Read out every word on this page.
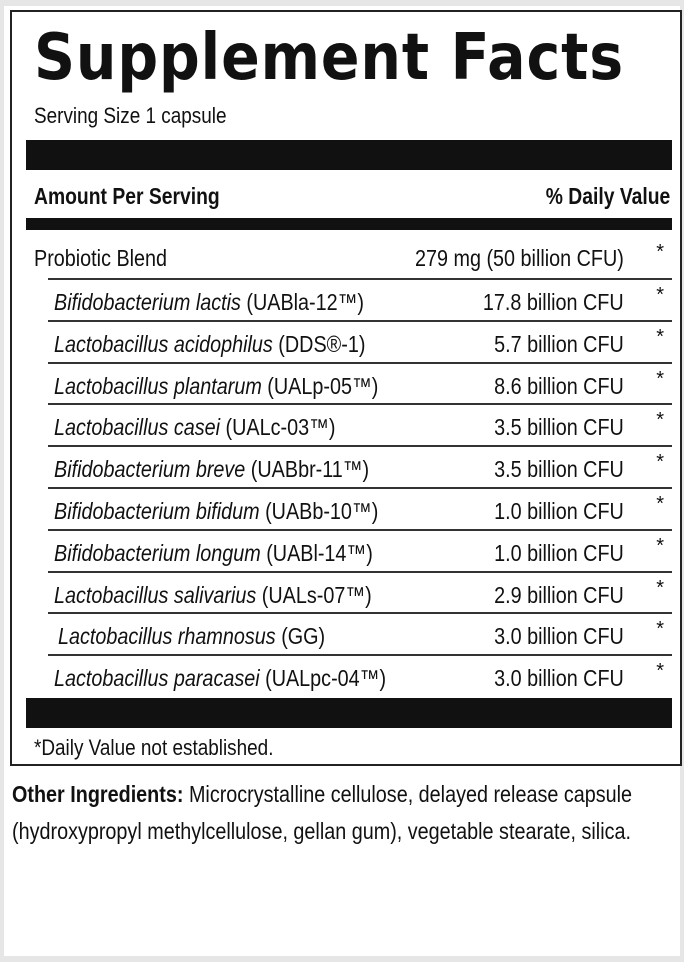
Supplement Facts
Serving Size 1 capsule
Amount Per Serving	% Daily Value
Probiotic Blend	279 mg (50 billion CFU) *
Bifidobacterium lactis (UABla-12™)	17.8 billion CFU *
Lactobacillus acidophilus (DDS®-1)	5.7 billion CFU *
Lactobacillus plantarum (UALp-05™)	8.6 billion CFU *
Lactobacillus casei (UALc-03™)	3.5 billion CFU *
Bifidobacterium breve (UABbr-11™)	3.5 billion CFU *
Bifidobacterium bifidum (UABb-10™)	1.0 billion CFU *
Bifidobacterium longum (UABl-14™)	1.0 billion CFU *
Lactobacillus salivarius (UALs-07™)	2.9 billion CFU *
Lactobacillus rhamnosus (GG)	3.0 billion CFU *
Lactobacillus paracasei (UALpc-04™)	3.0 billion CFU *
*Daily Value not established.
Other Ingredients: Microcrystalline cellulose, delayed release capsule (hydroxypropyl methylcellulose, gellan gum), vegetable stearate, silica.
